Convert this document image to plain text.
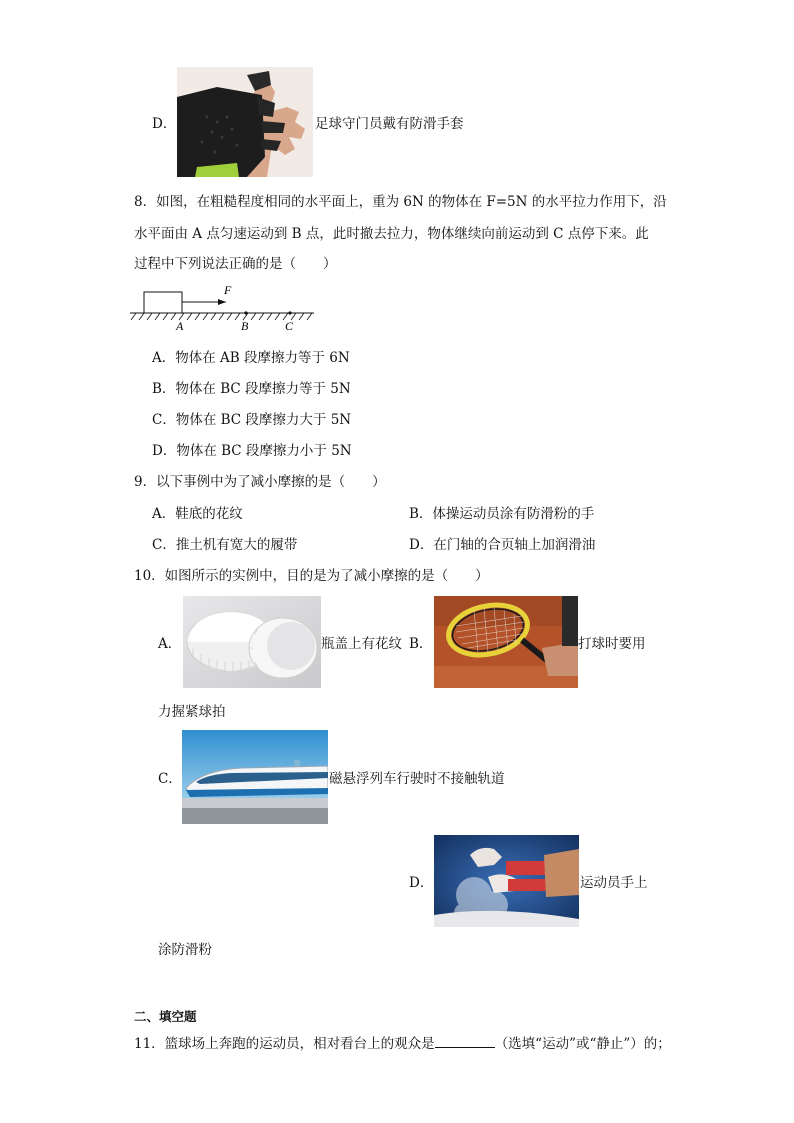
D．	足球守门员戴有防滑手套
8．如图，在粗糙程度相同的水平面上，重为 6N 的物体在 F=5N 的水平拉力作用下，沿
水平面由 A 点匀速运动到 B 点，此时撤去拉力，物体继续向前运动到 C 点停下来。此
过程中下列说法正确的是（　　）
F
A	B	C
A．物体在 AB 段摩擦力等于 6N
B．物体在 BC 段摩擦力等于 5N
C．物体在 BC 段摩擦力大于 5N
D．物体在 BC 段摩擦力小于 5N
9．以下事例中为了减小摩擦的是（　　）
A．鞋底的花纹	B．体操运动员涂有防滑粉的手
C．推土机有宽大的履带	D．在门轴的合页轴上加润滑油
10．如图所示的实例中，目的是为了减小摩擦的是（　　）
A．	瓶盖上有花纹 B．	打球时要用
力握紧球拍
C．	磁悬浮列车行驶时不接触轨道
D．	运动员手上
涂防滑粉
二、填空题
11．篮球场上奔跑的运动员，相对看台上的观众是	（选填“运动”或“静止”）的；
